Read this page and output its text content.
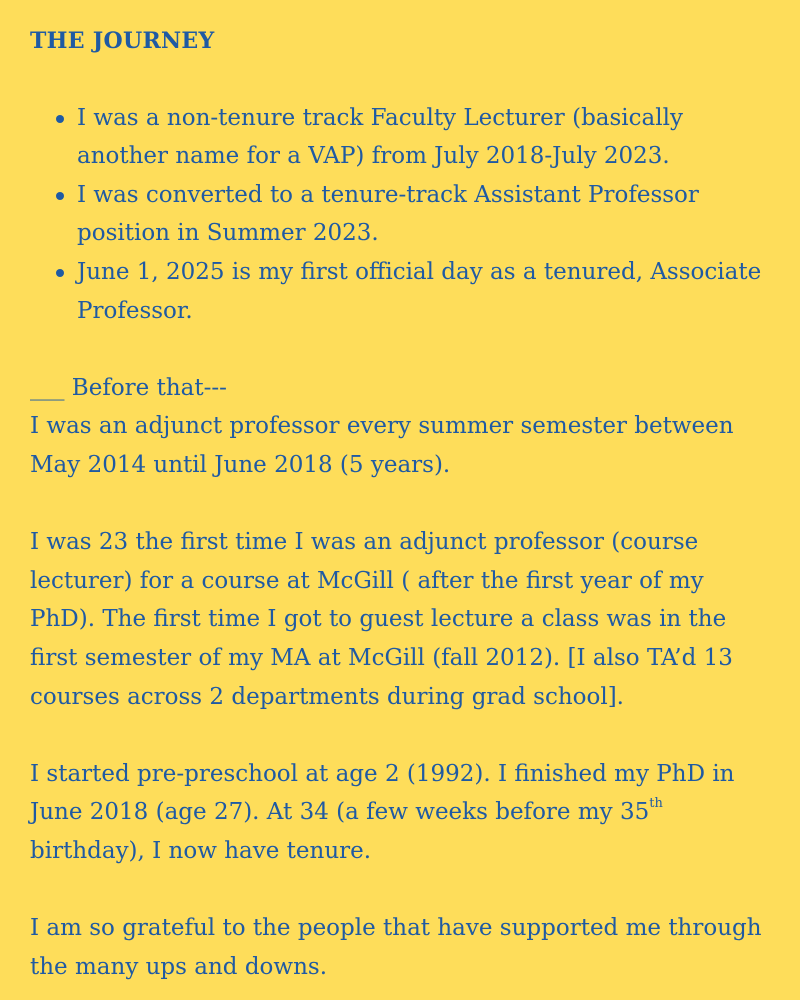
THE JOURNEY
I was a non-tenure track Faculty Lecturer (basically another name for a VAP) from July 2018-July 2023.
I was converted to a tenure-track Assistant Professor position in Summer 2023.
June 1, 2025 is my first official day as a tenured, Associate Professor.

___ Before that---

I was an adjunct professor every summer semester between May 2014 until June 2018 (5 years).

I was 23 the first time I was an adjunct professor (course lecturer) for a course at McGill ( after the first year of my PhD). The first time I got to guest lecture a class was in the first semester of my MA at McGill (fall 2012). [I also TA’d 13 courses across 2 departments during grad school].

I started pre-preschool at age 2 (1992). I finished my PhD in June 2018 (age 27). At 34 (a few weeks before my 35th birthday), I now have tenure.

I am so grateful to the people that have supported me through the many ups and downs.
